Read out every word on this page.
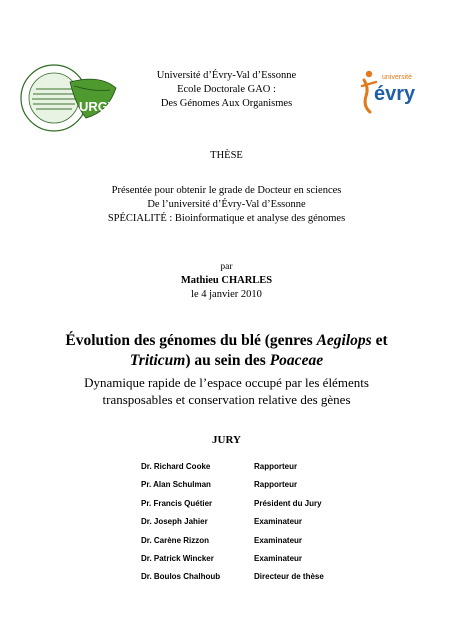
URGV
université
évry
Université d’Évry-Val d’Essonne
Ecole Doctorale GAO :
Des Génomes Aux Organismes
THÈSE
Présentée pour obtenir le grade de Docteur en sciences
De l’université d’Évry-Val d’Essonne
SPÉCIALITÉ : Bioinformatique et analyse des génomes
par
Mathieu CHARLES
le 4 janvier 2010
Évolution des génomes du blé (genres Aegilops et
Triticum) au sein des Poaceae
Dynamique rapide de l’espace occupé par les éléments
transposables et conservation relative des gènes
JURY
Dr. Richard Cooke	Rapporteur
Pr. Alan Schulman	Rapporteur
Pr. Francis Quétier	Président du Jury
Dr. Joseph Jahier	Examinateur
Dr. Carène Rizzon	Examinateur
Dr. Patrick Wincker	Examinateur
Dr. Boulos Chalhoub	Directeur de thèse
